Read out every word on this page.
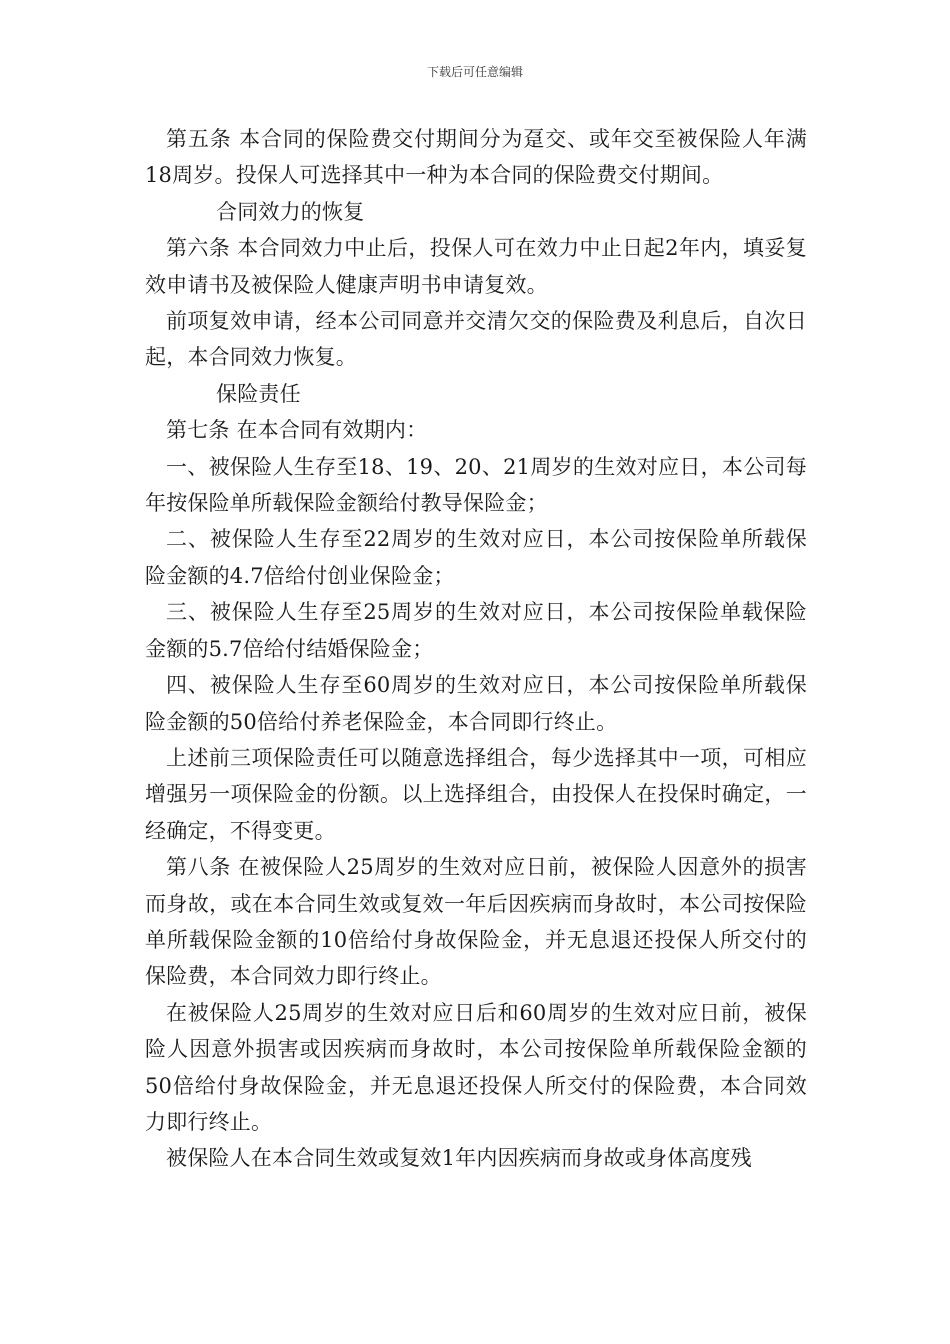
下载后可任意编辑

第五条 本合同的保险费交付期间分为趸交、或年交至被保险人年满18周岁。投保人可选择其中一种为本合同的保险费交付期间。

合同效力的恢复

第六条 本合同效力中止后，投保人可在效力中止日起2年内，填妥复效申请书及被保险人健康声明书申请复效。

前项复效申请，经本公司同意并交清欠交的保险费及利息后，自次日起，本合同效力恢复。

保险责任

第七条 在本合同有效期内：

一、被保险人生存至18、19、20、21周岁的生效对应日，本公司每年按保险单所载保险金额给付教导保险金；

二、被保险人生存至22周岁的生效对应日，本公司按保险单所载保险金额的4.7倍给付创业保险金；

三、被保险人生存至25周岁的生效对应日，本公司按保险单载保险金额的5.7倍给付结婚保险金；

四、被保险人生存至60周岁的生效对应日，本公司按保险单所载保险金额的50倍给付养老保险金，本合同即行终止。

上述前三项保险责任可以随意选择组合，每少选择其中一项，可相应增强另一项保险金的份额。以上选择组合，由投保人在投保时确定，一经确定，不得变更。

第八条 在被保险人25周岁的生效对应日前，被保险人因意外的损害而身故，或在本合同生效或复效一年后因疾病而身故时，本公司按保险单所载保险金额的10倍给付身故保险金，并无息退还投保人所交付的保险费，本合同效力即行终止。

在被保险人25周岁的生效对应日后和60周岁的生效对应日前，被保险人因意外损害或因疾病而身故时，本公司按保险单所载保险金额的50倍给付身故保险金，并无息退还投保人所交付的保险费，本合同效力即行终止。

被保险人在本合同生效或复效1年内因疾病而身故或身体高度残
